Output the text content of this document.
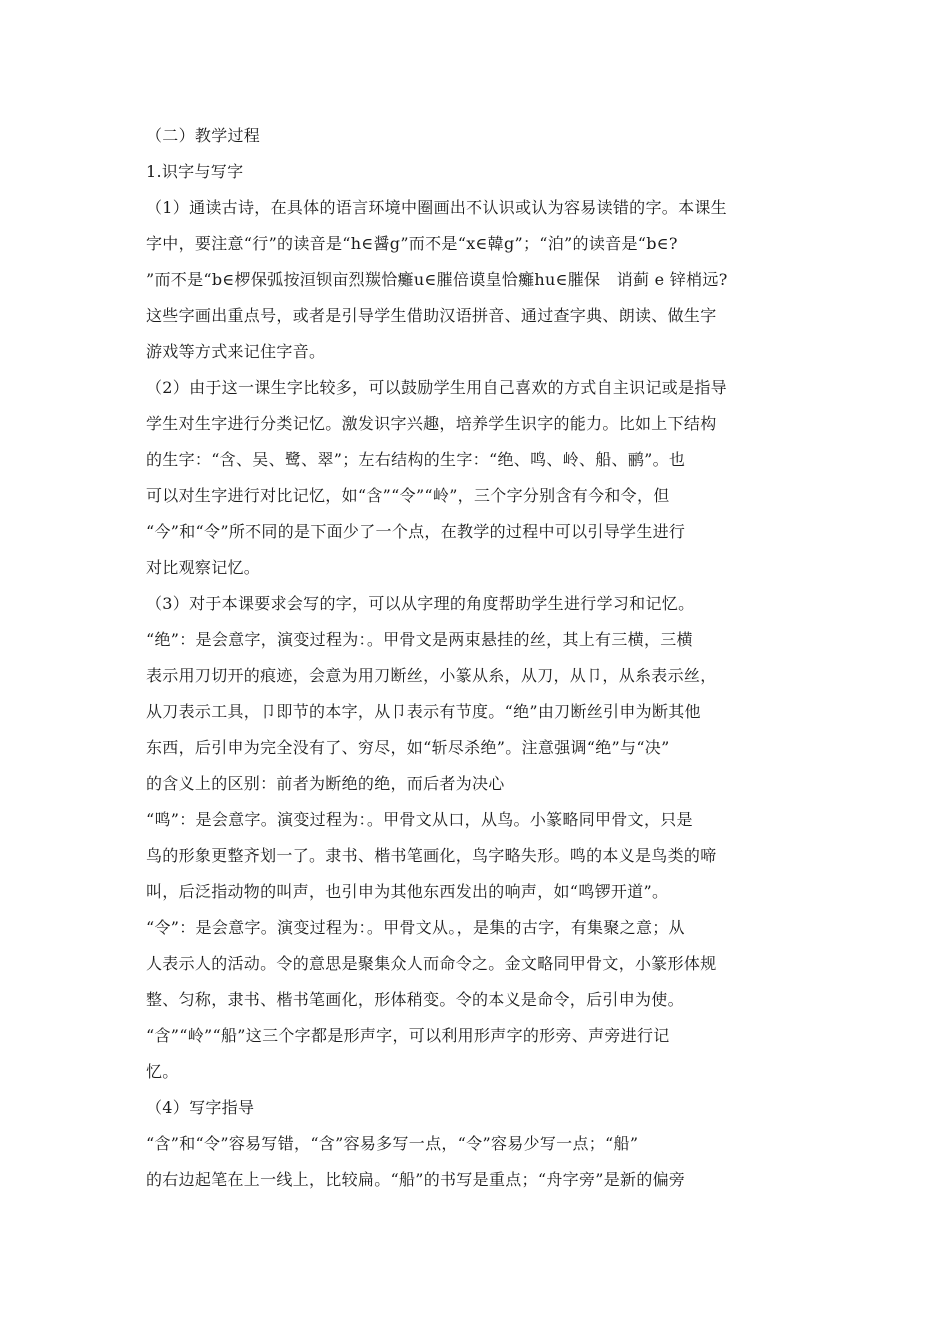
（二）教学过程
1.识字与写字
（1）通读古诗，在具体的语言环境中圈画出不认识或认为容易读错的字。本课生
字中，要注意“行”的读音是“h∈醤g”而不是“x∈韓g”；“泊”的读音是“b∈?
”而不是“b∈椤保弧按洹钡亩烈羰恰癱u∈膗倍谟皇恰癱hu∈膗保　诮蓟 e 锌梢远?
这些字画出重点号，或者是引导学生借助汉语拼音、通过查字典、朗读、做生字
游戏等方式来记住字音。
（2）由于这一课生字比较多，可以鼓励学生用自己喜欢的方式自主识记或是指导
学生对生字进行分类记忆。激发识字兴趣，培养学生识字的能力。比如上下结构
的生字：“含、吴、鹭、翠”；左右结构的生字：“绝、鸣、岭、船、鹂”。也
可以对生字进行对比记忆，如“含”“令”“岭”，三个字分别含有今和令，但
“今”和“令”所不同的是下面少了一个点，在教学的过程中可以引导学生进行
对比观察记忆。
（3）对于本课要求会写的字，可以从字理的角度帮助学生进行学习和记忆。
“绝”：是会意字，演变过程为：。甲骨文是两束悬挂的丝，其上有三横，三横
表示用刀切开的痕迹，会意为用刀断丝，小篆从糸，从刀，从卩，从糸表示丝，
从刀表示工具，卩即节的本字，从卩表示有节度。“绝”由刀断丝引申为断其他
东西，后引申为完全没有了、穷尽，如“斩尽杀绝”。注意强调“绝”与“决”
的含义上的区别：前者为断绝的绝，而后者为决心
“鸣”：是会意字。演变过程为：。甲骨文从口，从鸟。小篆略同甲骨文，只是
鸟的形象更整齐划一了。隶书、楷书笔画化，鸟字略失形。鸣的本义是鸟类的啼
叫，后泛指动物的叫声，也引申为其他东西发出的响声，如“鸣锣开道”。
“令”：是会意字。演变过程为：。甲骨文从。，是集的古字，有集聚之意；从
人表示人的活动。令的意思是聚集众人而命令之。金文略同甲骨文，小篆形体规
整、匀称，隶书、楷书笔画化，形体稍变。令的本义是命令，后引申为使。
“含”“岭”“船”这三个字都是形声字，可以利用形声字的形旁、声旁进行记
忆。
（4）写字指导
“含”和“令”容易写错，“含”容易多写一点，“令”容易少写一点；“船”
的右边起笔在上一线上，比较扁。“船”的书写是重点；“舟字旁”是新的偏旁
